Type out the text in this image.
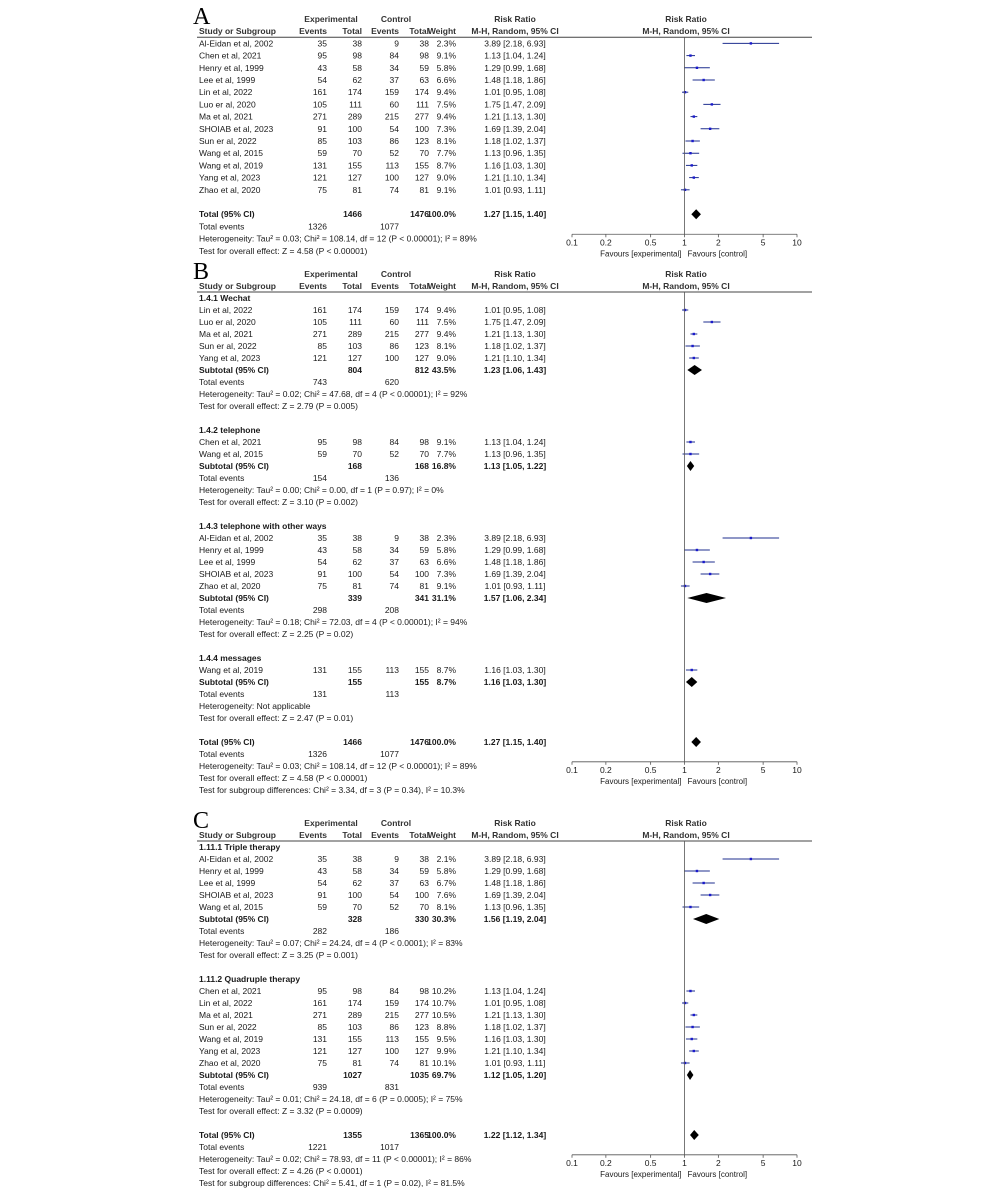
A	Experimental	Control	Risk Ratio	Risk Ratio
Study or Subgroup	Events Total Events Total
Weight M-H, Random, 95% CI	M-H, Random, 95% CI
Al-Eidan et al, 2002	35	38	9 38 2.3%	3.89 [2.18, 6.93]
Chen et al, 2021	95	98	84 98 9.1%	1.13 [1.04, 1.24]
Henry et al, 1999	43	58	34 59 5.8%	1.29 [0.99, 1.68]
Lee et al, 1999	54	62	37 63 6.6%	1.48 [1.18, 1.86]
Lin et al, 2022	161 174	159 174 9.4%	1.01 [0.95, 1.08]
Luo er al, 2020	105	111	60 111 7.5%	1.75 [1.47, 2.09]
Ma et al, 2021	271 289	215 277 9.4%	1.21 [1.13, 1.30]
SHOIAB et al, 2023	91 100	54 100 7.3%	1.69 [1.39, 2.04]
Sun er al, 2022	85 103	86 123 8.1%	1.18 [1.02, 1.37]
Wang et al, 2015	59	70	52 70 7.7%	1.13 [0.96, 1.35]
Wang et al, 2019	131 155	113 155 8.7%	1.16 [1.03, 1.30]
Yang et al, 2023	121 127	100 127 9.0%	1.21 [1.10, 1.34]
Zhao et al, 2020	75	81	74 81 9.1%	1.01 [0.93, 1.11]
Total (95% CI)	1466	1476
100.0%	1.27 [1.15, 1.40]
Total events	1326	1077
Heterogeneity: Tau² = 0.03; Chi² = 108.14, df = 12 (P < 0.00001); I² = 89%
Test for overall effect: Z = 4.58 (P < 0.00001)
0.1	0.2	0.5	1	2	5	10
Favours [experimental] Favours [control]
B	Experimental	Control	Risk Ratio	Risk Ratio
Study or Subgroup	Events Total Events Total
Weight M-H, Random, 95% CI	M-H, Random, 95% CI
1.4.1 Wechat
Lin et al, 2022	161 174	159 174 9.4%	1.01 [0.95, 1.08]
Luo er al, 2020	105	111	60 111 7.5%	1.75 [1.47, 2.09]
Ma et al, 2021	271 289	215 277 9.4%	1.21 [1.13, 1.30]
Sun er al, 2022	85 103	86 123 8.1%	1.18 [1.02, 1.37]
Yang et al, 2023	121 127	100 127 9.0%	1.21 [1.10, 1.34]
Subtotal (95% CI)	804	812 43.5%	1.23 [1.06, 1.43]
Total events	743	620
Heterogeneity: Tau² = 0.02; Chi² = 47.68, df = 4 (P < 0.00001); I² = 92%
Test for overall effect: Z = 2.79 (P = 0.005)
1.4.2 telephone
Chen et al, 2021	95	98	84 98 9.1%	1.13 [1.04, 1.24]
Wang et al, 2015	59	70	52 70 7.7%	1.13 [0.96, 1.35]
Subtotal (95% CI)	168	168 16.8%	1.13 [1.05, 1.22]
Total events	154	136
Heterogeneity: Tau² = 0.00; Chi² = 0.00, df = 1 (P = 0.97); I² = 0%
Test for overall effect: Z = 3.10 (P = 0.002)
1.4.3 telephone with other ways
Al-Eidan et al, 2002	35	38	9 38 2.3%	3.89 [2.18, 6.93]
Henry et al, 1999	43	58	34 59 5.8%	1.29 [0.99, 1.68]
Lee et al, 1999	54	62	37 63 6.6%	1.48 [1.18, 1.86]
SHOIAB et al, 2023	91 100	54 100 7.3%	1.69 [1.39, 2.04]
Zhao et al, 2020	75	81	74 81 9.1%	1.01 [0.93, 1.11]
Subtotal (95% CI)	339	341 31.1%	1.57 [1.06, 2.34]
Total events	298	208
Heterogeneity: Tau² = 0.18; Chi² = 72.03, df = 4 (P < 0.00001); I² = 94%
Test for overall effect: Z = 2.25 (P = 0.02)
1.4.4 messages
Wang et al, 2019	131 155	113 155 8.7%	1.16 [1.03, 1.30]
Subtotal (95% CI)	155	155 8.7%	1.16 [1.03, 1.30]
Total events	131	113
Heterogeneity: Not applicable
Test for overall effect: Z = 2.47 (P = 0.01)
Total (95% CI)	1466	1476
100.0%	1.27 [1.15, 1.40]
Total events	1326	1077
Heterogeneity: Tau² = 0.03; Chi² = 108.14, df = 12 (P < 0.00001); I² = 89%
Test for overall effect: Z = 4.58 (P < 0.00001)
Test for subgroup differences: Chi² = 3.34, df = 3 (P = 0.34), I² = 10.3%
0.1	0.2	0.5	1	2	5	10
Favours [experimental] Favours [control]
C	Experimental	Control	Risk Ratio	Risk Ratio
Study or Subgroup	Events Total Events Total
Weight M-H, Random, 95% CI	M-H, Random, 95% CI
1.11.1 Triple therapy
Al-Eidan et al, 2002	35	38	9 38 2.1%	3.89 [2.18, 6.93]
Henry et al, 1999	43	58	34 59 5.8%	1.29 [0.99, 1.68]
Lee et al, 1999	54	62	37 63 6.7%	1.48 [1.18, 1.86]
SHOIAB et al, 2023	91 100	54 100 7.6%	1.69 [1.39, 2.04]
Wang et al, 2015	59	70	52 70 8.1%	1.13 [0.96, 1.35]
Subtotal (95% CI)	328	330 30.3%	1.56 [1.19, 2.04]
Total events	282	186
Heterogeneity: Tau² = 0.07; Chi² = 24.24, df = 4 (P < 0.0001); I² = 83%
Test for overall effect: Z = 3.25 (P = 0.001)
1.11.2 Quadruple therapy
Chen et al, 2021	95	98	84 98 10.2%	1.13 [1.04, 1.24]
Lin et al, 2022	161 174	159 174 10.7%	1.01 [0.95, 1.08]
Ma et al, 2021	271 289	215 277 10.5%	1.21 [1.13, 1.30]
Sun er al, 2022	85 103	86 123 8.8%	1.18 [1.02, 1.37]
Wang et al, 2019	131 155	113 155 9.5%	1.16 [1.03, 1.30]
Yang et al, 2023	121 127	100 127 9.9%	1.21 [1.10, 1.34]
Zhao et al, 2020	75	81	74 81 10.1%	1.01 [0.93, 1.11]
Subtotal (95% CI)	1027	1035 69.7%	1.12 [1.05, 1.20]
Total events	939	831
Heterogeneity: Tau² = 0.01; Chi² = 24.18, df = 6 (P = 0.0005); I² = 75%
Test for overall effect: Z = 3.32 (P = 0.0009)
Total (95% CI)	1355	1365
100.0%	1.22 [1.12, 1.34]
Total events	1221	1017
Heterogeneity: Tau² = 0.02; Chi² = 78.93, df = 11 (P < 0.00001); I² = 86%
Test for overall effect: Z = 4.26 (P < 0.0001)
Test for subgroup differences: Chi² = 5.41, df = 1 (P = 0.02), I² = 81.5%
0.1	0.2	0.5	1	2	5	10
Favours [experimental] Favours [control]
